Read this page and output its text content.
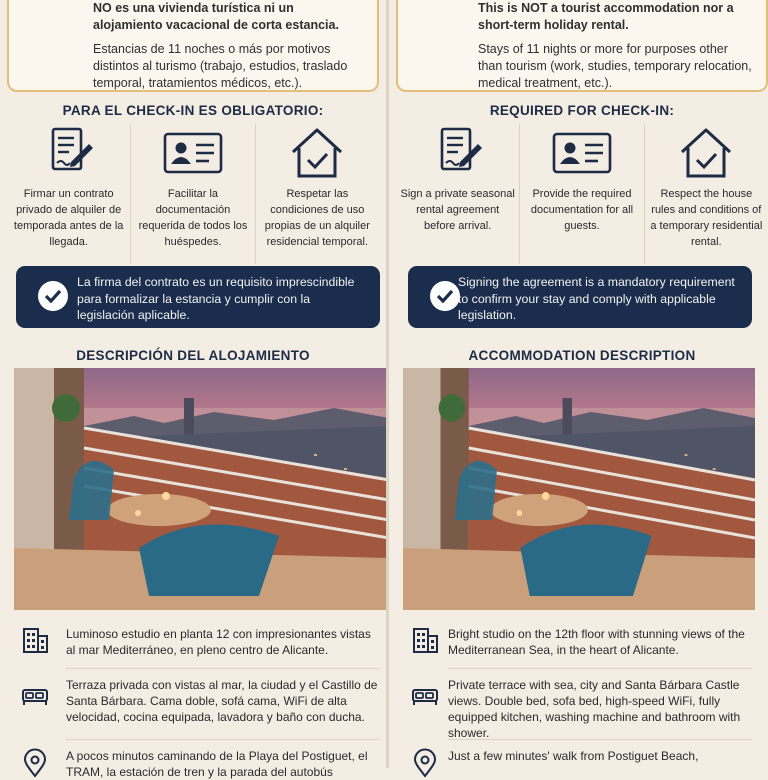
NO es una vivienda turística ni un alojamiento vacacional de corta estancia.

Estancias de 11 noches o más por motivos distintos al turismo (trabajo, estudios, traslado temporal, tratamientos médicos, etc.).

PARA EL CHECK-IN ES OBLIGATORIO:
Firmar un contrato privado de alquiler de temporada antes de la llegada.
Facilitar la documentación requerida de todos los huéspedes.
Respetar las condiciones de uso propias de un alquiler residencial temporal.
La firma del contrato es un requisito imprescindible para formalizar la estancia y cumplir con la legislación aplicable.
DESCRIPCIÓN DEL ALOJAMIENTO
Luminoso estudio en planta 12 con impresionantes vistas al mar Mediterráneo, en pleno centro de Alicante.
Terraza privada con vistas al mar, la ciudad y el Castillo de Santa Bárbara. Cama doble, sofá cama, WiFi de alta velocidad, cocina equipada, lavadora y baño con ducha.
A pocos minutos caminando de la Playa del Postiguet, el TRAM, la estación de tren y la parada del autobús

This is NOT a tourist accommodation nor a short-term holiday rental.

Stays of 11 nights or more for purposes other than tourism (work, studies, temporary relocation, medical treatment, etc.).

REQUIRED FOR CHECK-IN:
Sign a private seasonal rental agreement before arrival.
Provide the required documentation for all guests.
Respect the house rules and conditions of a temporary residential rental.
Signing the agreement is a mandatory requirement to confirm your stay and comply with applicable legislation.
ACCOMMODATION DESCRIPTION
Bright studio on the 12th floor with stunning views of the Mediterranean Sea, in the heart of Alicante.
Private terrace with sea, city and Santa Bárbara Castle views. Double bed, sofa bed, high-speed WiFi, fully equipped kitchen, washing machine and bathroom with shower.
Just a few minutes' walk from Postiguet Beach,
